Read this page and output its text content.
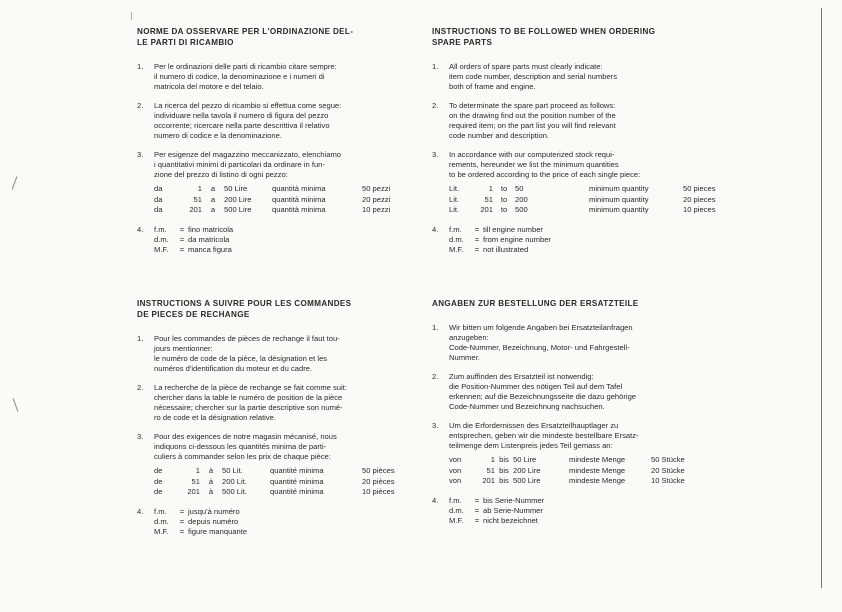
NORME DA OSSERVARE PER L'ORDINAZIONE DEL-
LE PARTI DI RICAMBIO
1. Per le ordinazioni delle parti di ricambio citare sempre:
il numero di codice, la denominazione e i numeri di
matricola del motore e del telaio.
2. La ricerca del pezzo di ricambio si effettua come segue:
individuare nella tavola il numero di figura del pezzo
occorrente; ricercare nella parte descrittiva il relativo
numero di codice e la denominazione.
3. Per esigenze del magazzino meccanizzato, elenchiamo
i quantitativi minimi di particolari da ordinare in fun-
zione del prezzo di listino di ogni pezzo:
da	1	a	50 Lire	quantità minima	50 pezzi
da	51	a	200 Lire	quantità minima	20 pezzi
da	201	a	500 Lire	quantità minima	10 pezzi
4. f.m.	= fino matricola
d.m.	= da matricola
M.F.	= manca figura
INSTRUCTIONS TO BE FOLLOWED WHEN ORDERING
SPARE PARTS
1. All orders of spare parts must clearly indicate:
item code number, description and serial numbers
both of frame and engine.
2. To determinate the spare part proceed as follows:
on the drawing find out the position number of the
required item; on the part list you will find relevant
code number and description.
3. In accordance with our computerized stock requi-
rements, hereunder we list the minimum quantities
to be ordered according to the price of each single piece:
Lit.	1	to	50	minimum quantity	50 pieces
Lit.	51	to	200	minimum quantity	20 pieces
Lit.	201	to	500	minimum quantity	10 pieces
4. f.m.	= till engine number
d.m.	= from engine number
M.F.	= not illustrated
INSTRUCTIONS A SUIVRE POUR LES COMMANDES
DE PIECES DE RECHANGE
1. Pour les commandes de pièces de rechange il faut tou-
jours mentionner:
le numéro de code de la pièce, la désignation et les
numéros d'identification du moteur et du cadre.
2. La recherche de la pièce de rechange se fait comme suit:
chercher dans la table le numéro de position de la pièce
nécessaire; chercher sur la partie descriptive son numé-
ro de code et la désignation relative.
3. Pour des exigences de notre magasin mécanisé, nous
indiquons ci-dessous les quantités minima de parti-
culiers à commander selon les prix de chaque pièce:
de	1	à	50 Lit.	quantité minima	50 pièces
de	51	à	200 Lit.	quantité minima	20 pièces
de	201	à	500 Lit.	quantité minima	10 pièces
4. f.m.	= jusqu'à numéro
d.m.	= depuis numéro
M.F.	= figure manquante
ANGABEN ZUR BESTELLUNG DER ERSATZTEILE
1. Wir bitten um folgende Angaben bei Ersatzteilanfragen
anzugeben:
Code-Nummer, Bezeichnung, Motor- und Fahrgestell-
Nummer.
2. Zum auffinden des Ersatzteil ist notwendig:
die Position-Nummer des nötigen Teil auf dem Tafel
erkennen; auf die Bezeichnungsseite die dazu gehörige
Code-Nummer und Bezeichnung nachsuchen.
3. Um die Erfordernissen des Ersatzteilhauptlager zu
entsprechen, geben wir die mindeste bestellbare Ersatz-
teilmenge dem Listenpreis jedes Teil gemass an:
von	1 bis 50 Lire	mindeste Menge	50 Stücke
von	51 bis 200 Lire	mindeste Menge	20 Stücke
von	201 bis 500 Lire	mindeste Menge	10 Stücke
4. f.m.	= bis Serie-Nummer
d.m.	= ab Serie-Nummer
M.F.	= nicht bezeichnet
